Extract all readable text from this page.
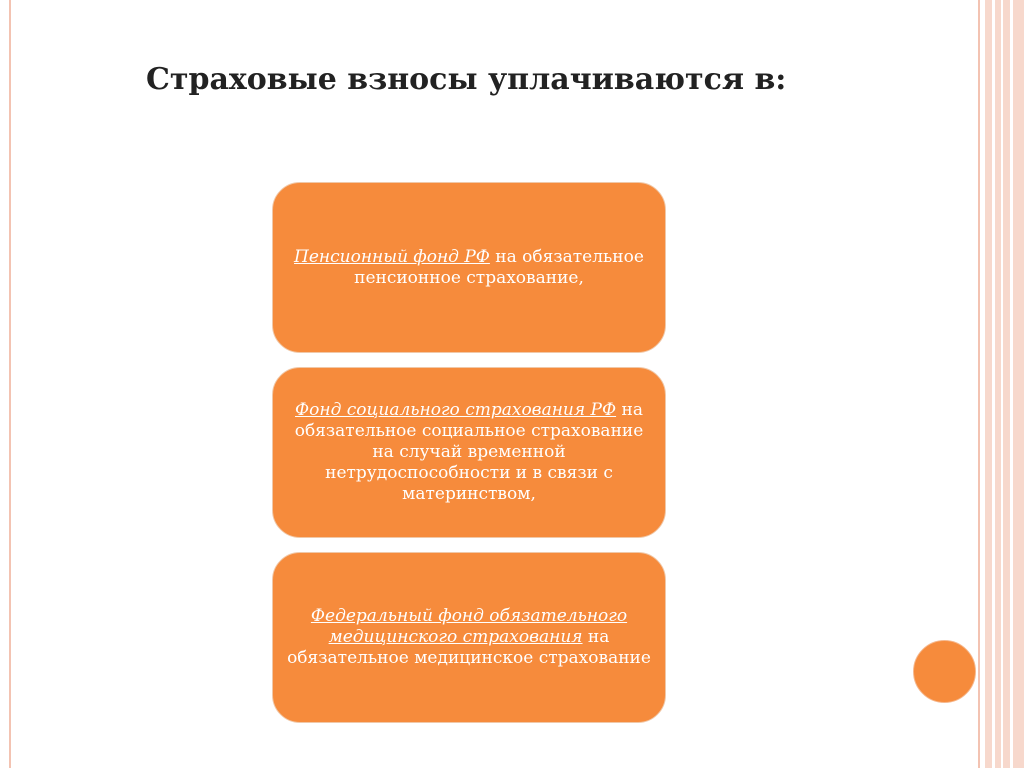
Страховые взносы уплачиваются в:
Пенсионный фонд РФ на обязательное пенсионное страхование,
Фонд социального страхования РФ на обязательное социальное страхование на случай временной нетрудоспособности и в связи с материнством,
Федеральный фонд обязательного медицинского страхования на обязательное медицинское страхование
